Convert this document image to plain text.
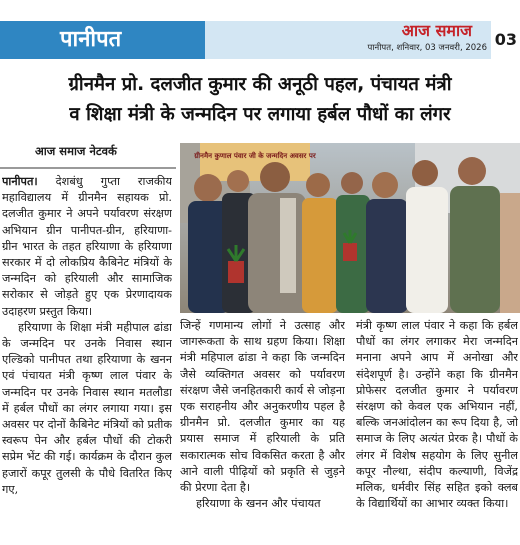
पानीपत	आज समाज
पानीपत, शनिवार, 03 जनवरी, 2026 03
ग्रीनमैन प्रो. दलजीत कुमार की अनूठी पहल, पंचायत मंत्री
व शिक्षा मंत्री के जन्मदिन पर लगाया हर्बल पौधों का लंगर
आज समाज नेटवर्क	ग्रीनमैन कुणाल पंवार जी के जन्मदिन अवसर पर

पानीपत। देशबंधु गुप्ता राजकीय महाविद्यालय में ग्रीनमैन सहायक प्रो. दलजीत कुमार ने अपने पर्यावरण संरक्षण अभियान ग्रीन पानीपत-ग्रीन, हरियाणा- ग्रीन भारत के तहत हरियाणा के हरियाणा सरकार में दो लोकप्रिय कैबिनेट मंत्रियों के जन्मदिन को हरियाली और सामाजिक सरोकार से जोड़ते हुए एक प्रेरणादायक उदाहरण प्रस्तुत किया।

हरियाणा के शिक्षा मंत्री महीपाल ढांडा के जन्मदिन पर उनके निवास स्थान एल्डिको पानीपत तथा हरियाणा के खनन एवं पंचायत मंत्री कृष्ण लाल पंवार के जन्मदिन पर उनके निवास स्थान मतलौडा में हर्बल पौधों का लंगर लगाया गया। इस अवसर पर दोनों कैबिनेट मंत्रियों को प्रतीक स्वरूप पेन और हर्बल पौधों की टोकरी सप्रेम भेंट की गई। कार्यक्रम के दौरान कुल हजारों कपूर तुलसी के पौधे वितरित किए गए,

जिन्हें गणमान्य लोगों ने उत्साह और जागरूकता के साथ ग्रहण किया। शिक्षा मंत्री महिपाल ढांडा ने कहा कि जन्मदिन जैसे व्यक्तिगत अवसर को पर्यावरण संरक्षण जैसे जनहितकारी कार्य से जोड़ना एक सराहनीय और अनुकरणीय पहल है ग्रीनमैन प्रो. दलजीत कुमार का यह प्रयास समाज में हरियाली के प्रति सकारात्मक सोच विकसित करता है और आने वाली पीढ़ियों को प्रकृति से जुड़ने की प्रेरणा देता है।

हरियाणा के खनन और पंचायत

मंत्री कृष्ण लाल पंवार ने कहा कि हर्बल पौधों का लंगर लगाकर मेरा जन्मदिन मनाना अपने आप में अनोखा और संदेशपूर्ण है। उन्होंने कहा कि ग्रीनमैन प्रोफेसर दलजीत कुमार ने पर्यावरण संरक्षण को केवल एक अभियान नहीं, बल्कि जनआंदोलन का रूप दिया है, जो समाज के लिए अत्यंत प्रेरक है। पौधों के लंगर में विशेष सहयोग के लिए सुनील कपूर नौल्था, संदीप कल्याणी, विजेंद्र मलिक, धर्मवीर सिंह सहित इको क्लब के विद्यार्थियों का आभार व्यक्त किया।
